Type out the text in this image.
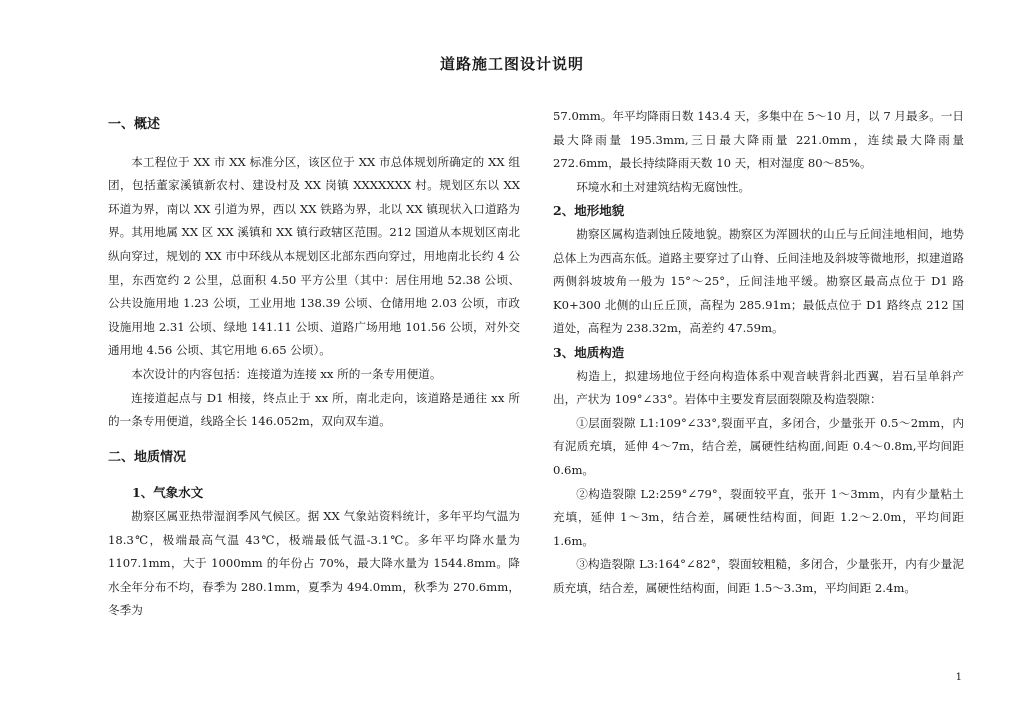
道路施工图设计说明
一、概述

本工程位于 XX 市 XX 标准分区，该区位于 XX 市总体规划所确定的 XX 组团，包括董家溪镇新农村、建设村及 XX 岗镇 XXXXXXX 村。规划区东以 XX 环道为界，南以 XX 引道为界，西以 XX 铁路为界，北以 XX 镇现状入口道路为界。其用地属 XX 区 XX 溪镇和 XX 镇行政辖区范围。212 国道从本规划区南北纵向穿过，规划的 XX 市中环线从本规划区北部东西向穿过，用地南北长约 4 公里，东西宽约 2 公里，总面积 4.50 平方公里（其中：居住用地 52.38 公顷、公共设施用地 1.23 公顷，工业用地 138.39 公顷、仓储用地 2.03 公顷，市政设施用地 2.31 公顷、绿地 141.11 公顷、道路广场用地 101.56 公顷，对外交通用地 4.56 公顷、其它用地 6.65 公顷）。

本次设计的内容包括：连接道为连接 xx 所的一条专用便道。

连接道起点与 D1 相接，终点止于 xx 所，南北走向，该道路是通往 xx 所的一条专用便道，线路全长 146.052m，双向双车道。

二、地质情况
1、气象水文

勘察区属亚热带湿润季风气候区。据 XX 气象站资料统计，多年平均气温为 18.3℃，极端最高气温 43℃，极端最低气温-3.1℃。多年平均降水量为 1107.1mm，大于 1000mm 的年份占 70%，最大降水量为 1544.8mm。降水全年分布不均，春季为 280.1mm，夏季为 494.0mm，秋季为 270.6mm，冬季为

57.0mm。年平均降雨日数 143.4 天，多集中在 5～10 月，以 7 月最多。一日最大降雨量 195.3mm,三日最大降雨量 221.0mm，连续最大降雨量 272.6mm，最长持续降雨天数 10 天，相对湿度 80～85%。

环境水和土对建筑结构无腐蚀性。

2、地形地貌

勘察区属构造剥蚀丘陵地貌。勘察区为浑圆状的山丘与丘间洼地相间，地势总体上为西高东低。道路主要穿过了山脊、丘间洼地及斜坡等微地形，拟建道路两侧斜坡坡角一般为 15°～25°，丘间洼地平缓。勘察区最高点位于 D1 路 K0+300 北侧的山丘丘顶，高程为 285.91m；最低点位于 D1 路终点 212 国道处，高程为 238.32m，高差约 47.59m。

3、地质构造

构造上，拟建场地位于经向构造体系中观音峡背斜北西翼，岩石呈单斜产出，产状为 109°∠33°。岩体中主要发育层面裂隙及构造裂隙：

①层面裂隙 L1:109°∠33°,裂面平直，多闭合，少量张开 0.5～2mm，内有泥质充填，延伸 4～7m，结合差，属硬性结构面,间距 0.4～0.8m,平均间距 0.6m。

②构造裂隙 L2:259°∠79°，裂面较平直，张开 1～3mm，内有少量粘土充填，延伸 1～3m，结合差，属硬性结构面，间距 1.2～2.0m，平均间距 1.6m。

③构造裂隙 L3:164°∠82°，裂面较粗糙，多闭合，少量张开，内有少量泥质充填，结合差，属硬性结构面，间距 1.5～3.3m，平均间距 2.4m。

1
